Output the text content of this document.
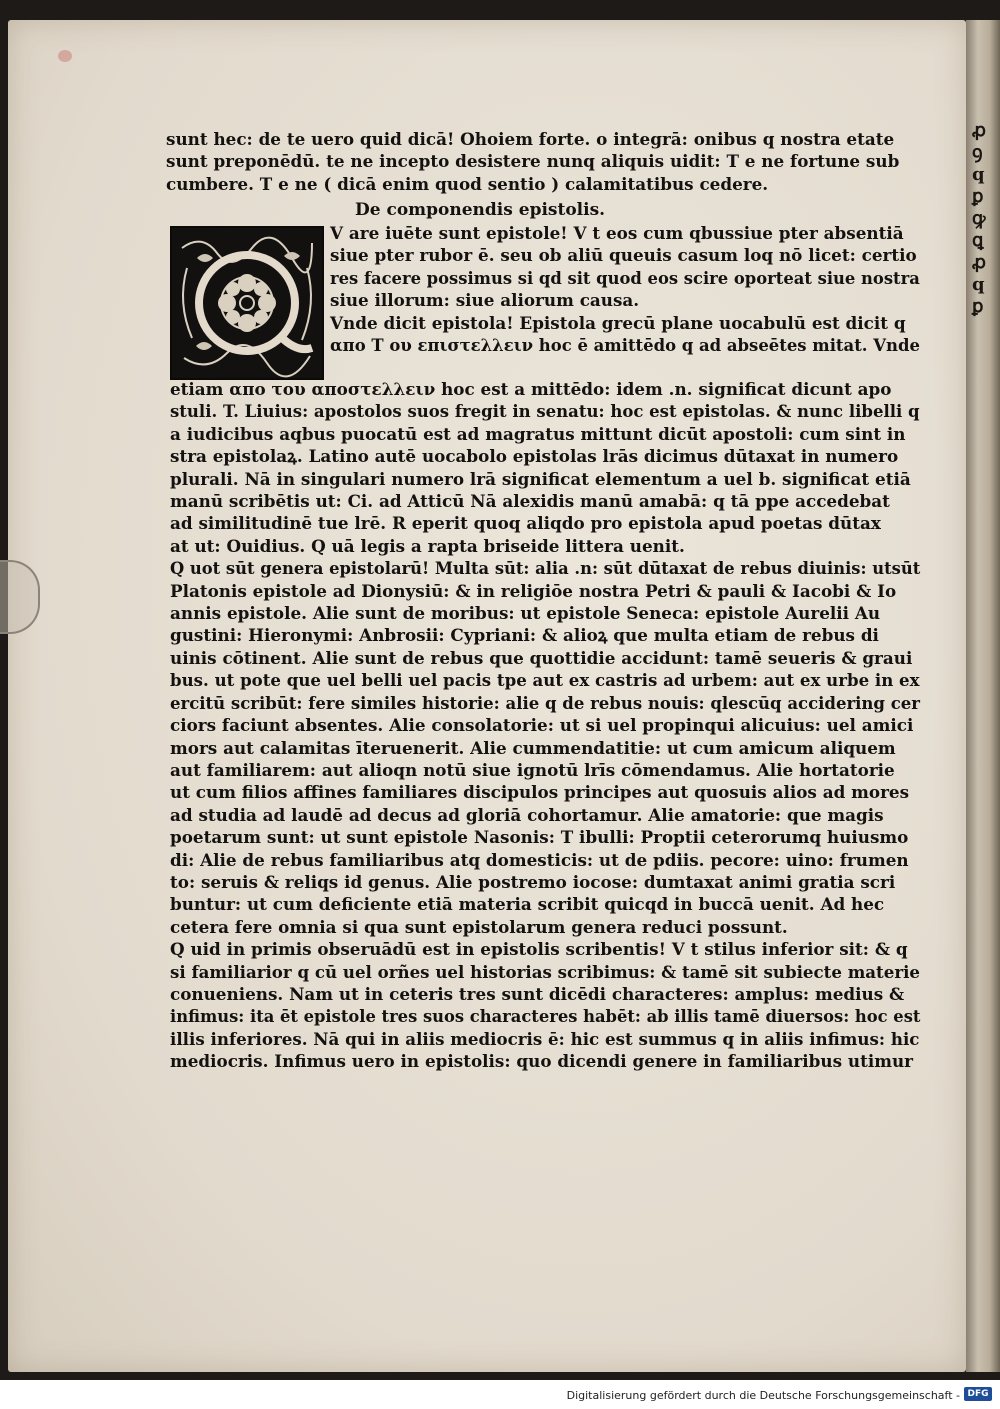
ꝓ
ꝯ
q
ꝑ
ꝙ
ꝗ
ꝓ
q
ꝑ
sunt hec: de te uero quid dicā! Ohoiem forte. o integrā: onibus q nostra etate
sunt preponēdū. te ne incepto desistere nunq aliquis uidit: T e ne fortune sub
cumbere. T e ne ( dicā enim quod sentio ) calamitatibus cedere.
De componendis epistolis.
V are iuēte sunt epistole! V t eos cum qbussiue pter absentiā
siue pter rubor ē. seu ob aliū queuis casum loq nō licet: certio
res facere possimus si qd sit quod eos scire oporteat siue nostra
siue illorum: siue aliorum causa.
Vnde dicit epistola! Epistola grecū plane uocabulū est dicit q
απο Τ ου επιστελλειν hoc ē amittēdo q ad abseētes mitat. Vnde
etiam απο του αποστελλειν hoc est a mittēdo: idem .n. significat dicunt apo
stuli. T. Liuius: apostolos suos fregit in senatu: hoc est epistolas. & nunc libelli q
a iudicibus aqbus puocatū est ad magratus mittunt dicūt apostoli: cum sint in
stra epistolaꝝ. Latino autē uocabolo epistolas lrās dicimus dūtaxat in numero
plurali. Nā in singulari numero lrā significat elementum a uel b. significat etiā
manū scribētis ut: Ci. ad Atticū Nā alexidis manū amabā: q tā ppe accedebat
ad similitudinē tue lrē. R eperit quoq aliqdo pro epistola apud poetas dūtax
at ut: Ouidius. Q uā legis a rapta briseide littera uenit.
Q uot sūt genera epistolarū! Multa sūt: alia .n: sūt dūtaxat de rebus diuinis: utsūt
Platonis epistole ad Dionysiū: & in religiōe nostra Petri & pauli & Iacobi & Io
annis epistole. Alie sunt de moribus: ut epistole Seneca: epistole Aurelii Au
gustini: Hieronymi: Anbrosii: Cypriani: & alioꝝ que multa etiam de rebus di
uinis cōtinent. Alie sunt de rebus que quottidie accidunt: tamē seueris & graui
bus. ut pote que uel belli uel pacis tpe aut ex castris ad urbem: aut ex urbe in ex
ercitū scribūt: fere similes historie: alie q de rebus nouis: qlescūq accidering cer
ciors faciunt absentes. Alie consolatorie: ut si uel propinqui alicuius: uel amici
mors aut calamitas īteruenerit. Alie cummendatitie: ut cum amicum aliquem
aut familiarem: aut alioqn notū siue ignotū lrīs cōmendamus. Alie hortatorie
ut cum filios affines familiares discipulos principes aut quosuis alios ad mores
ad studia ad laudē ad decus ad gloriā cohortamur. Alie amatorie: que magis
poetarum sunt: ut sunt epistole Nasonis: T ibulli: Proptii ceterorumq huiusmo
di: Alie de rebus familiaribus atq domesticis: ut de pdiis. pecore: uino: frumen
to: seruis & reliqs id genus. Alie postremo iocose: dumtaxat animi gratia scri
buntur: ut cum deficiente etiā materia scribit quicqd in buccā uenit. Ad hec
cetera fere omnia si qua sunt epistolarum genera reduci possunt.
Q uid in primis obseruādū est in epistolis scribentis! V t stilus inferior sit: & q
si familiarior q cū uel orñes uel historias scribimus: & tamē sit subiecte materie
conueniens. Nam ut in ceteris tres sunt dicēdi characteres: amplus: medius &
infimus: ita ēt epistole tres suos characteres habēt: ab illis tamē diuersos: hoc est
illis inferiores. Nā qui in aliis mediocris ē: hic est summus q in aliis infimus: hic
mediocris. Infimus uero in epistolis: quo dicendi genere in familiaribus utimur
Digitalisierung gefördert durch die Deutsche Forschungsgemeinschaft - DFG
